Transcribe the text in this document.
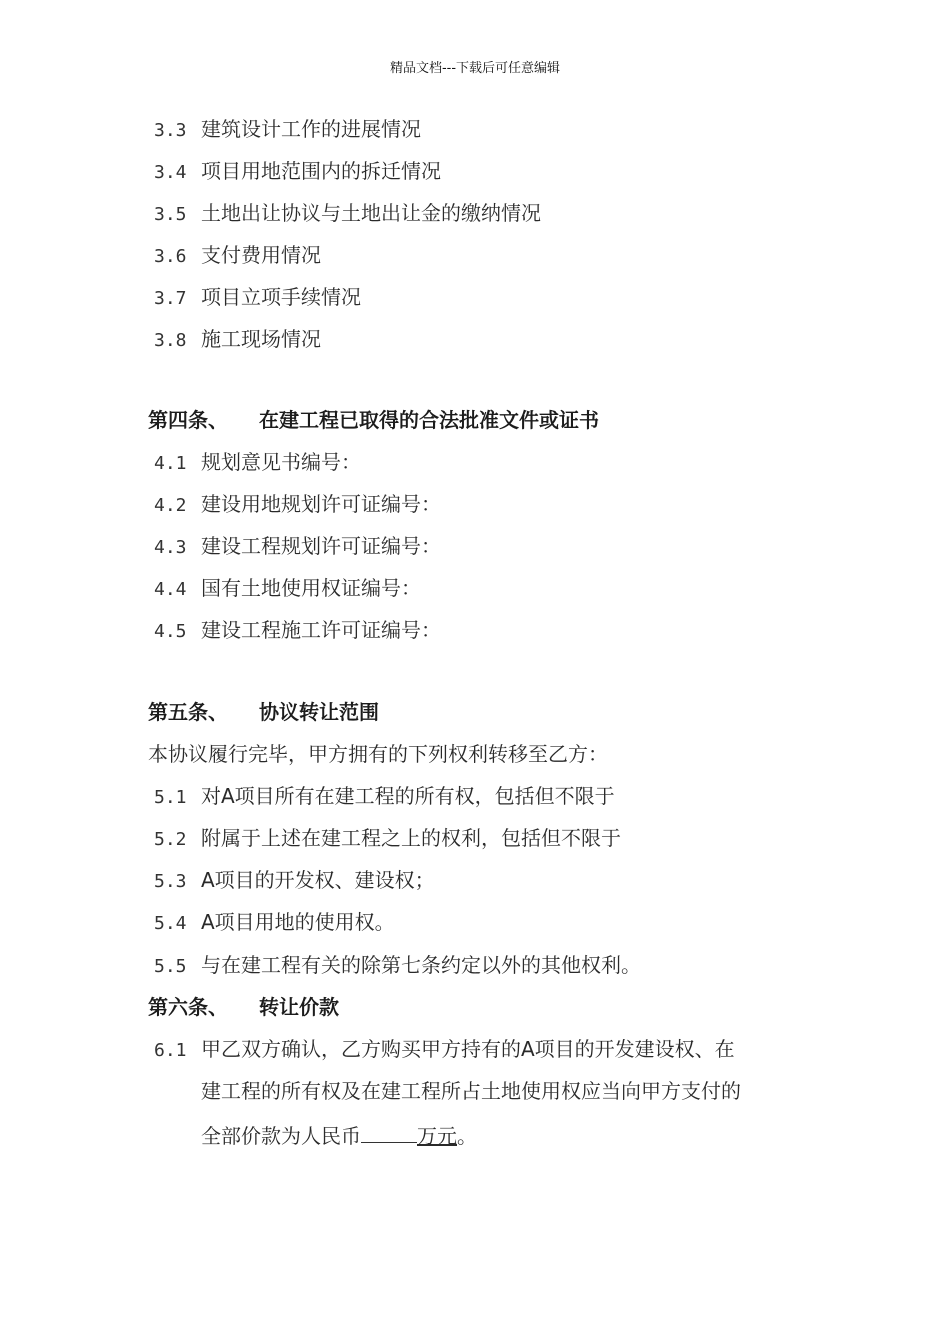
精品文档---下载后可任意编辑
3.3 建筑设计工作的进展情况
3.4 项目用地范围内的拆迁情况
3.5 土地出让协议与土地出让金的缴纳情况
3.6 支付费用情况
3.7 项目立项手续情况
3.8 施工现场情况
第四条、 在建工程已取得的合法批准文件或证书
4.1 规划意见书编号：
4.2 建设用地规划许可证编号：
4.3 建设工程规划许可证编号：
4.4 国有土地使用权证编号：
4.5 建设工程施工许可证编号：
第五条、 协议转让范围
本协议履行完毕，甲方拥有的下列权利转移至乙方：
5.1 对A项目所有在建工程的所有权，包括但不限于
5.2 附属于上述在建工程之上的权利，包括但不限于
5.3 A项目的开发权、建设权；
5.4 A项目用地的使用权。
5.5 与在建工程有关的除第七条约定以外的其他权利。
第六条、 转让价款
6.1 甲乙双方确认，乙方购买甲方持有的A项目的开发建设权、在
建工程的所有权及在建工程所占土地使用权应当向甲方支付的
全部价款为人民币	万元。
